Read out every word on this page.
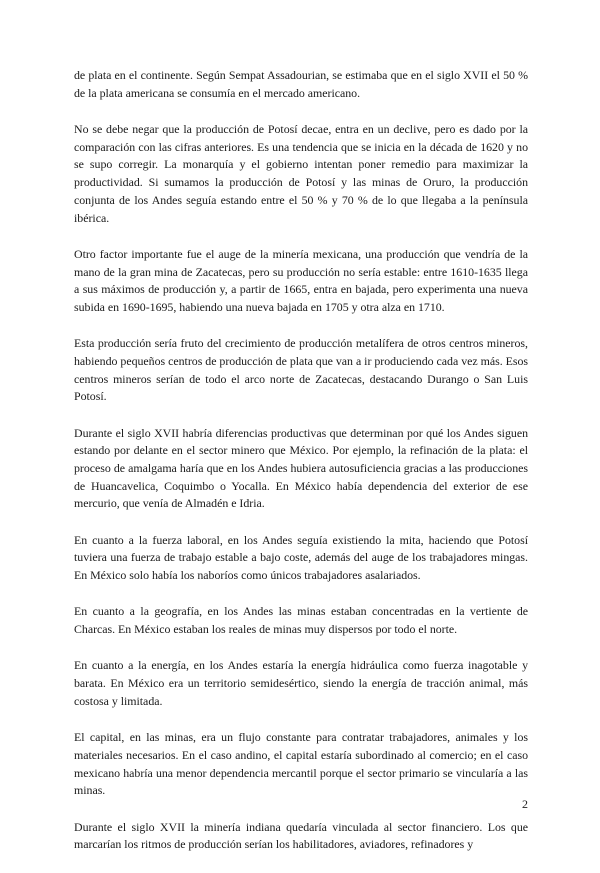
de plata en el continente. Según Sempat Assadourian, se estimaba que en el siglo XVII el 50 % de la plata americana se consumía en el mercado americano.

No se debe negar que la producción de Potosí decae, entra en un declive, pero es dado por la comparación con las cifras anteriores. Es una tendencia que se inicia en la década de 1620 y no se supo corregir. La monarquía y el gobierno intentan poner remedio para maximizar la productividad. Si sumamos la producción de Potosí y las minas de Oruro, la producción conjunta de los Andes seguía estando entre el 50 % y 70 % de lo que llegaba a la península ibérica.

Otro factor importante fue el auge de la minería mexicana, una producción que vendría de la mano de la gran mina de Zacatecas, pero su producción no sería estable: entre 1610-1635 llega a sus máximos de producción y, a partir de 1665, entra en bajada, pero experimenta una nueva subida en 1690-1695, habiendo una nueva bajada en 1705 y otra alza en 1710.

Esta producción sería fruto del crecimiento de producción metalífera de otros centros mineros, habiendo pequeños centros de producción de plata que van a ir produciendo cada vez más. Esos centros mineros serían de todo el arco norte de Zacatecas, destacando Durango o San Luis Potosí.

Durante el siglo XVII habría diferencias productivas que determinan por qué los Andes siguen estando por delante en el sector minero que México. Por ejemplo, la refinación de la plata: el proceso de amalgama haría que en los Andes hubiera autosuficiencia gracias a las producciones de Huancavelica, Coquimbo o Yocalla. En México había dependencia del exterior de ese mercurio, que venía de Almadén e Idria.

En cuanto a la fuerza laboral, en los Andes seguía existiendo la mita, haciendo que Potosí tuviera una fuerza de trabajo estable a bajo coste, además del auge de los trabajadores mingas. En México solo había los naboríos como únicos trabajadores asalariados.

En cuanto a la geografía, en los Andes las minas estaban concentradas en la vertiente de Charcas. En México estaban los reales de minas muy dispersos por todo el norte.

En cuanto a la energía, en los Andes estaría la energía hidráulica como fuerza inagotable y barata. En México era un territorio semidesértico, siendo la energía de tracción animal, más costosa y limitada.

El capital, en las minas, era un flujo constante para contratar trabajadores, animales y los materiales necesarios. En el caso andino, el capital estaría subordinado al comercio; en el caso mexicano habría una menor dependencia mercantil porque el sector primario se vincularía a las minas.

Durante el siglo XVII la minería indiana quedaría vinculada al sector financiero. Los que marcarían los ritmos de producción serían los habilitadores, aviadores, refinadores y

2
